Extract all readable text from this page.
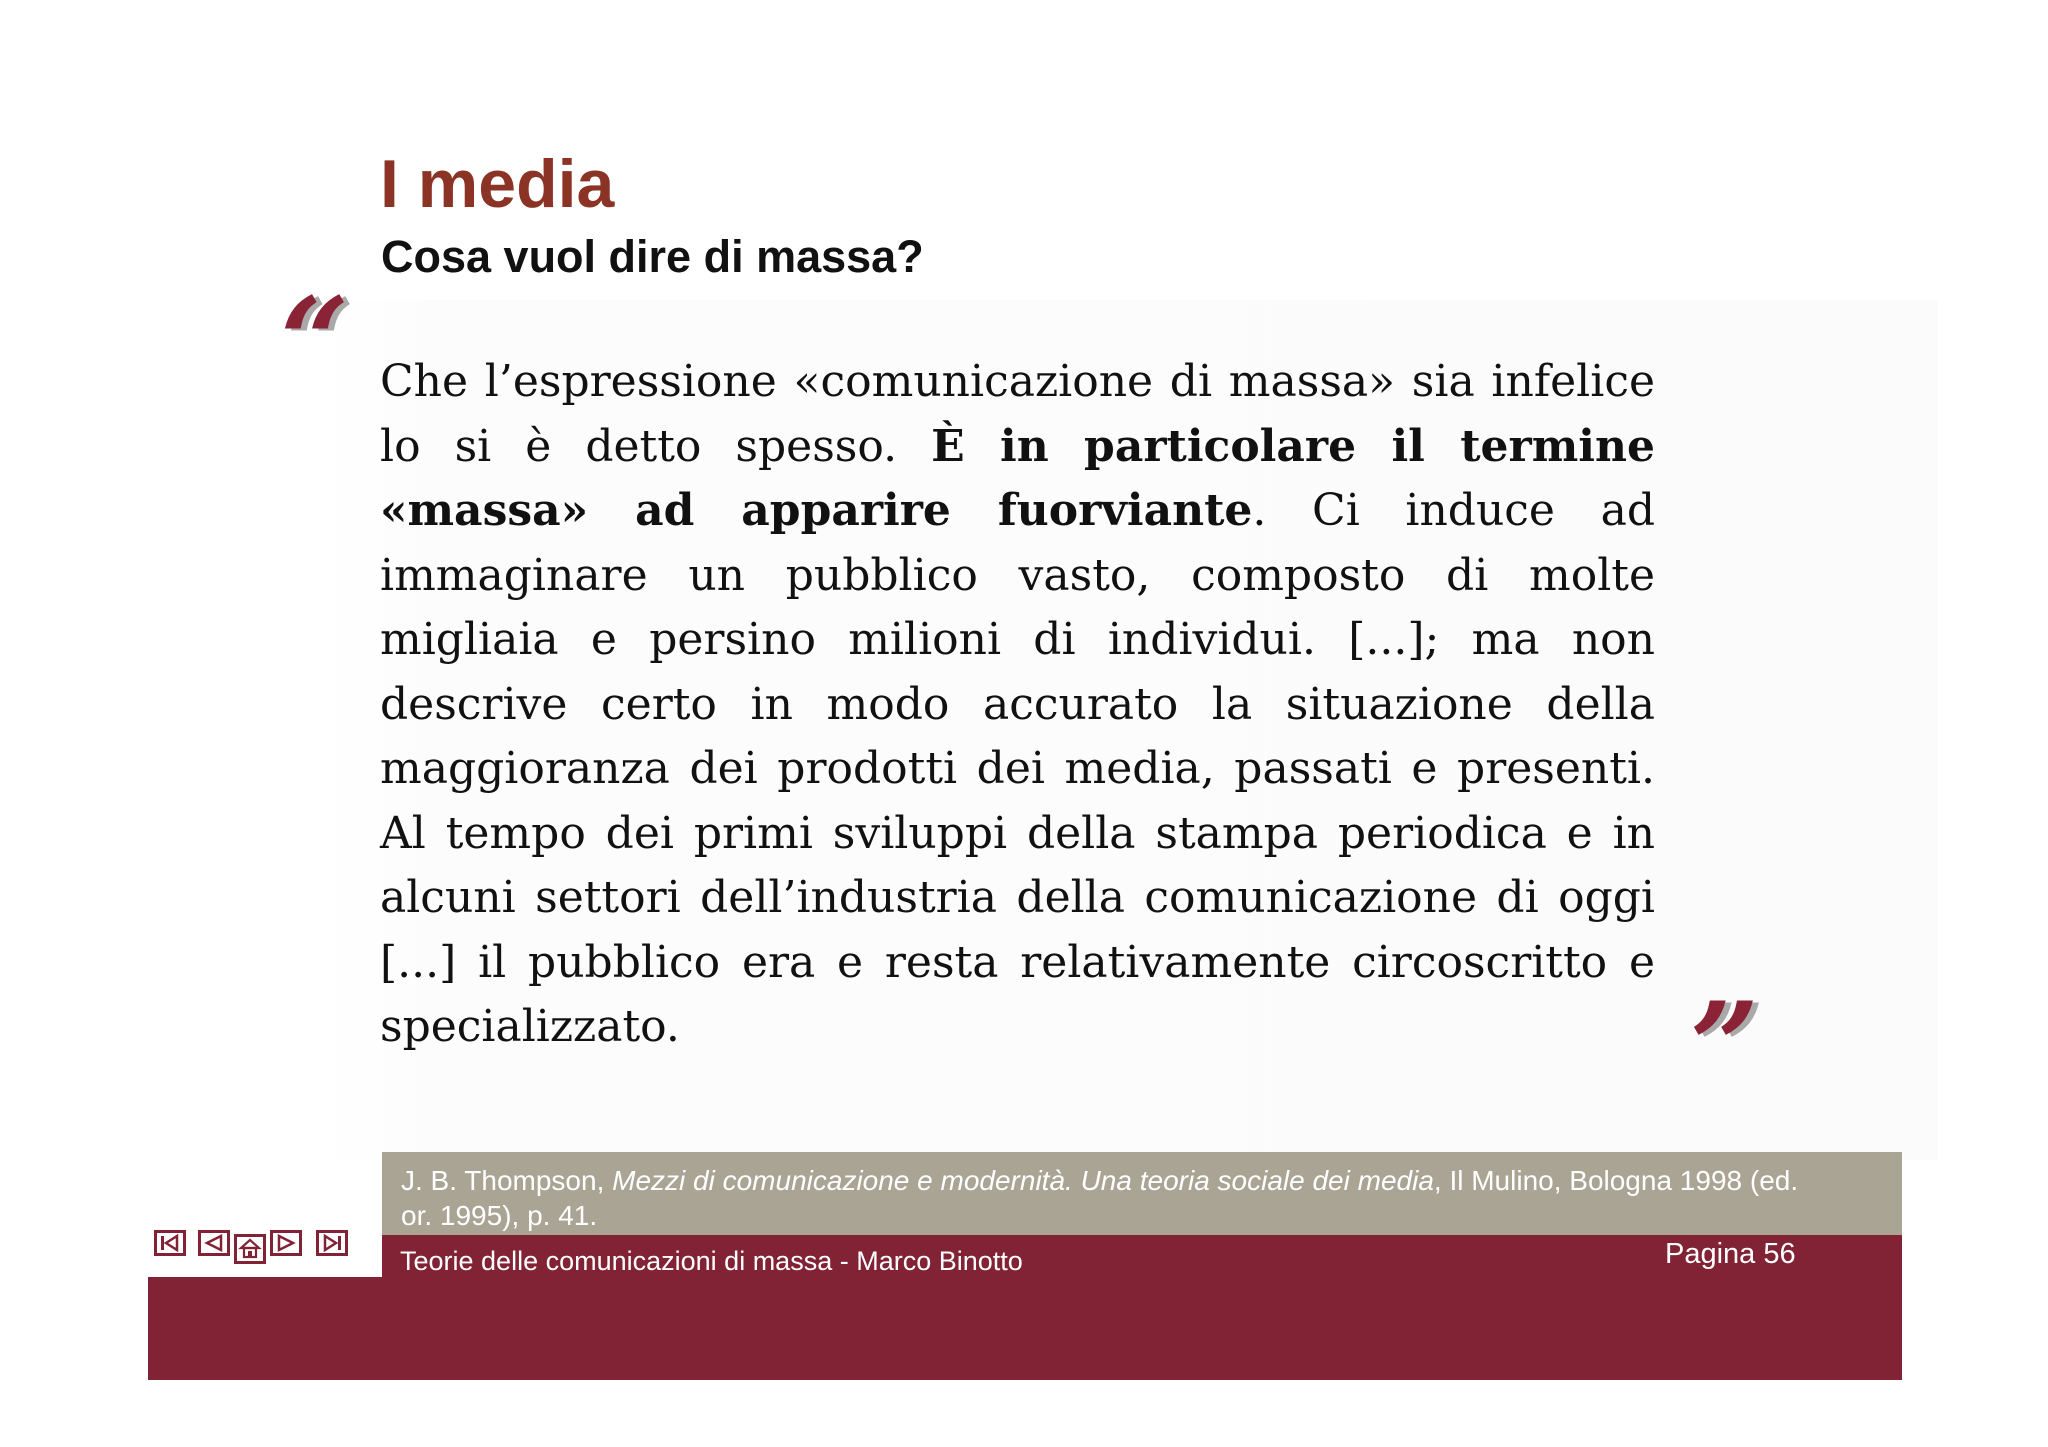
I media
Cosa vuol dire di massa?
“ Che l’espressione «comunicazione di massa» sia infelice lo si è detto spesso. È in particolare il termine «massa» ad apparire fuorviante. Ci induce ad immaginare un pubblico vasto, composto di molte migliaia e persino milioni di individui. [...]; ma non descrive certo in modo accurato la situazione della maggioranza dei prodotti dei media, passati e presenti. Al tempo dei primi sviluppi della stampa periodica e in alcuni settori dell’industria della comunicazione di oggi [...] il pubblico era e resta relativamente circoscritto e specializzato.	”

J. B. Thompson, Mezzi di comunicazione e modernità. Una teoria sociale dei media, Il Mulino, Bologna 1998 (ed. or. 1995), p. 41.

Teorie delle comunicazioni di massa - Marco Binotto	Pagina 56
